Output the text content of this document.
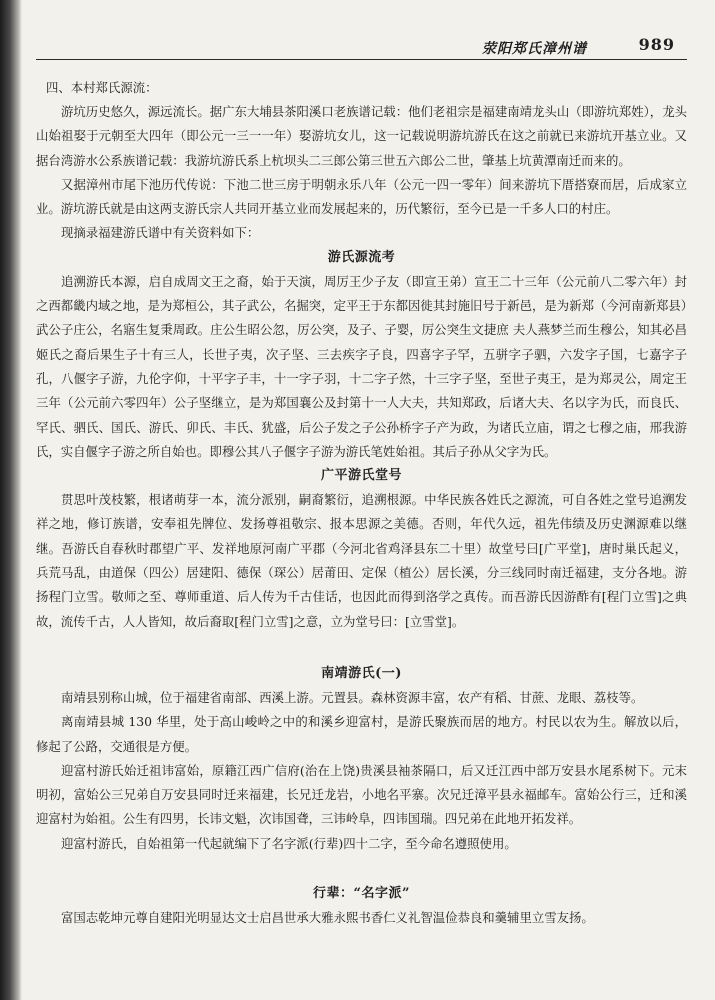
荥阳郑氏漳州谱	989

四、本村郑氏源流：

游坑历史悠久，源远流长。据广东大埔县茶阳溪口老族谱记载：他们老祖宗是福建南靖龙头山（即游坑郑姓），龙头山始祖娶于元朝至大四年（即公元一三一一年）娶游坑女儿，这一记载说明游坑游氏在这之前就已来游坑开基立业。又据台湾游水公系族谱记载：我游坑游氏系上杭坝头二三郎公第三世五六郎公二世，肇基上坑黄潭南迁而来的。

又据漳州市尾下池历代传说：下池二世三房于明朝永乐八年（公元一四一零年）间来游坑下厝搭寮而居，后成家立业。游坑游氏就是由这两支游氏宗人共同开基立业而发展起来的，历代繁衍，至今已是一千多人口的村庄。

现摘录福建游氏谱中有关资料如下：

游氏源流考

追溯游氏本源，启自成周文王之裔，始于天演，周厉王少子友（即宣王弟）宣王二十三年（公元前八二零六年）封之西都畿内域之地，是为郑桓公，其子武公，名掘突，定平王于东都因徙其封施旧号于新邑，是为新郑（今河南新郑县）武公子庄公，名寤生复秉周政。庄公生昭公忽，厉公突，及子、子婴，厉公突生文捷庶 夫人燕梦兰而生穆公，知其必昌姬氏之裔后果生子十有三人，长世子夷，次子坚、三去疾字子良，四喜字子罕，五骈字子驷，六发字子国，七嘉字子孔，八偃字子游，九伦字仰，十平字子丰，十一字子羽，十二字子然，十三字子坚，至世子夷王，是为郑灵公，周定王三年（公元前六零四年）公子坚继立，是为郑国襄公及封第十一人大夫，共知郑政，后诸大夫、名以字为氏，而良氏、罕氏、驷氏、国氏、游氏、卯氏、丰氏、犹盛，后公子发之子公孙桥字子产为政，为诸氏立庙，谓之七穆之庙，邢我游氏，实自偃字子游之所自始也。即穆公其八子偃字子游为游氏笔姓始祖。其后子孙从父字为氏。

广平游氏堂号

贯思叶茂枝繁，根诸萌芽一本，流分派别，嗣裔繁衍，追溯根源。中华民族各姓氏之源流，可自各姓之堂号追溯发祥之地，修订族谱，安奉祖先牌位、发扬尊祖敬宗、报本思源之美德。否则，年代久远，祖先伟绩及历史渊源难以继继。吾游氏自春秋时郡望广平、发祥地原河南广平郡（今河北省鸡泽县东二十里）故堂号曰[广平堂]，唐时巢氏起义，兵荒马乱，由道保（四公）居建阳、德保（琛公）居莆田、定保（植公）居长溪，分三线同时南迁福建，支分各地。游扬程门立雪。敬师之至、尊师重道、后人传为千古佳话，也因此而得到洛学之真传。而吾游氏因游酢有[程门立雪]之典故，流传千古，人人皆知，故后裔取[程门立雪]之意，立为堂号曰：[立雪堂]。

南靖游氏(一)

南靖县别称山城，位于福建省南部、西溪上游。元置县。森林资源丰富，农产有稻、甘蔗、龙眼、荔枝等。

离南靖县城 130 华里，处于高山峻岭之中的和溪乡迎富村，是游氏聚族而居的地方。村民以农为生。解放以后，修起了公路，交通很是方便。

迎富村游氏始迁祖讳富始，原籍江西广信府(治在上饶)贵溪县袖茶隔口，后又迁江西中部万安县水尾系树下。元末明初，富始公三兄弟自万安县同时迁来福建，长兄迁龙岩，小地名平寨。次兄迁漳平县永福邮车。富始公行三，迁和溪迎富村为始祖。公生有四男，长讳文魁，次讳国聋，三讳岭阜，四讳国瑞。四兄弟在此地开拓发祥。

迎富村游氏，自始祖第一代起就编下了名字派(行辈)四十二字，至今命名遵照使用。

行辈：“名字派”

富国志乾坤元尊自建阳光明显达文士启昌世承大雅永熙书香仁义礼智温俭恭良和羹辅里立雪友扬。
